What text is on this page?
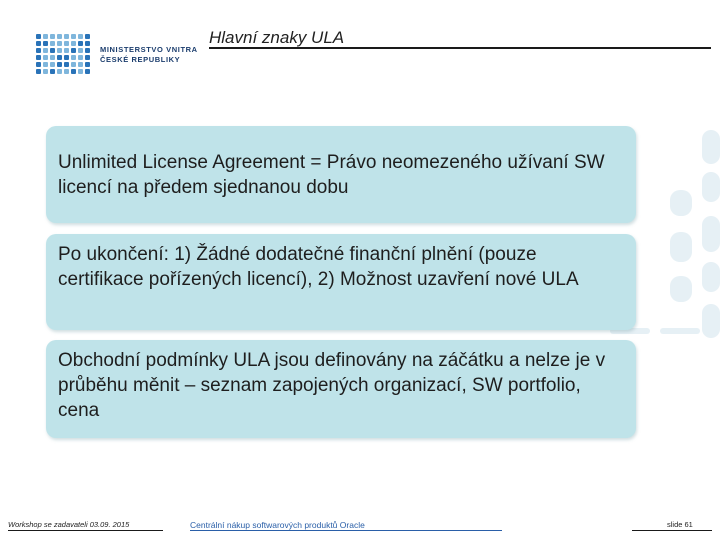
MINISTERSTVO VNITRA
ČESKÉ REPUBLIKY
Hlavní znaky ULA
Unlimited License Agreement = Právo neomezeného užívaní SW licencí na předem sjednanou dobu
Po ukončení: 1) Žádné dodatečné finanční plnění (pouze certifikace pořízených licencí), 2) Možnost uzavření nové ULA
Obchodní podmínky ULA jsou definovány na záčátku a nelze je v průběhu měnit – seznam zapojených organizací, SW portfolio, cena
Workshop se zadavateli 03.09. 2015	Centrální nákup softwarových produktů Oracle	slide 61
